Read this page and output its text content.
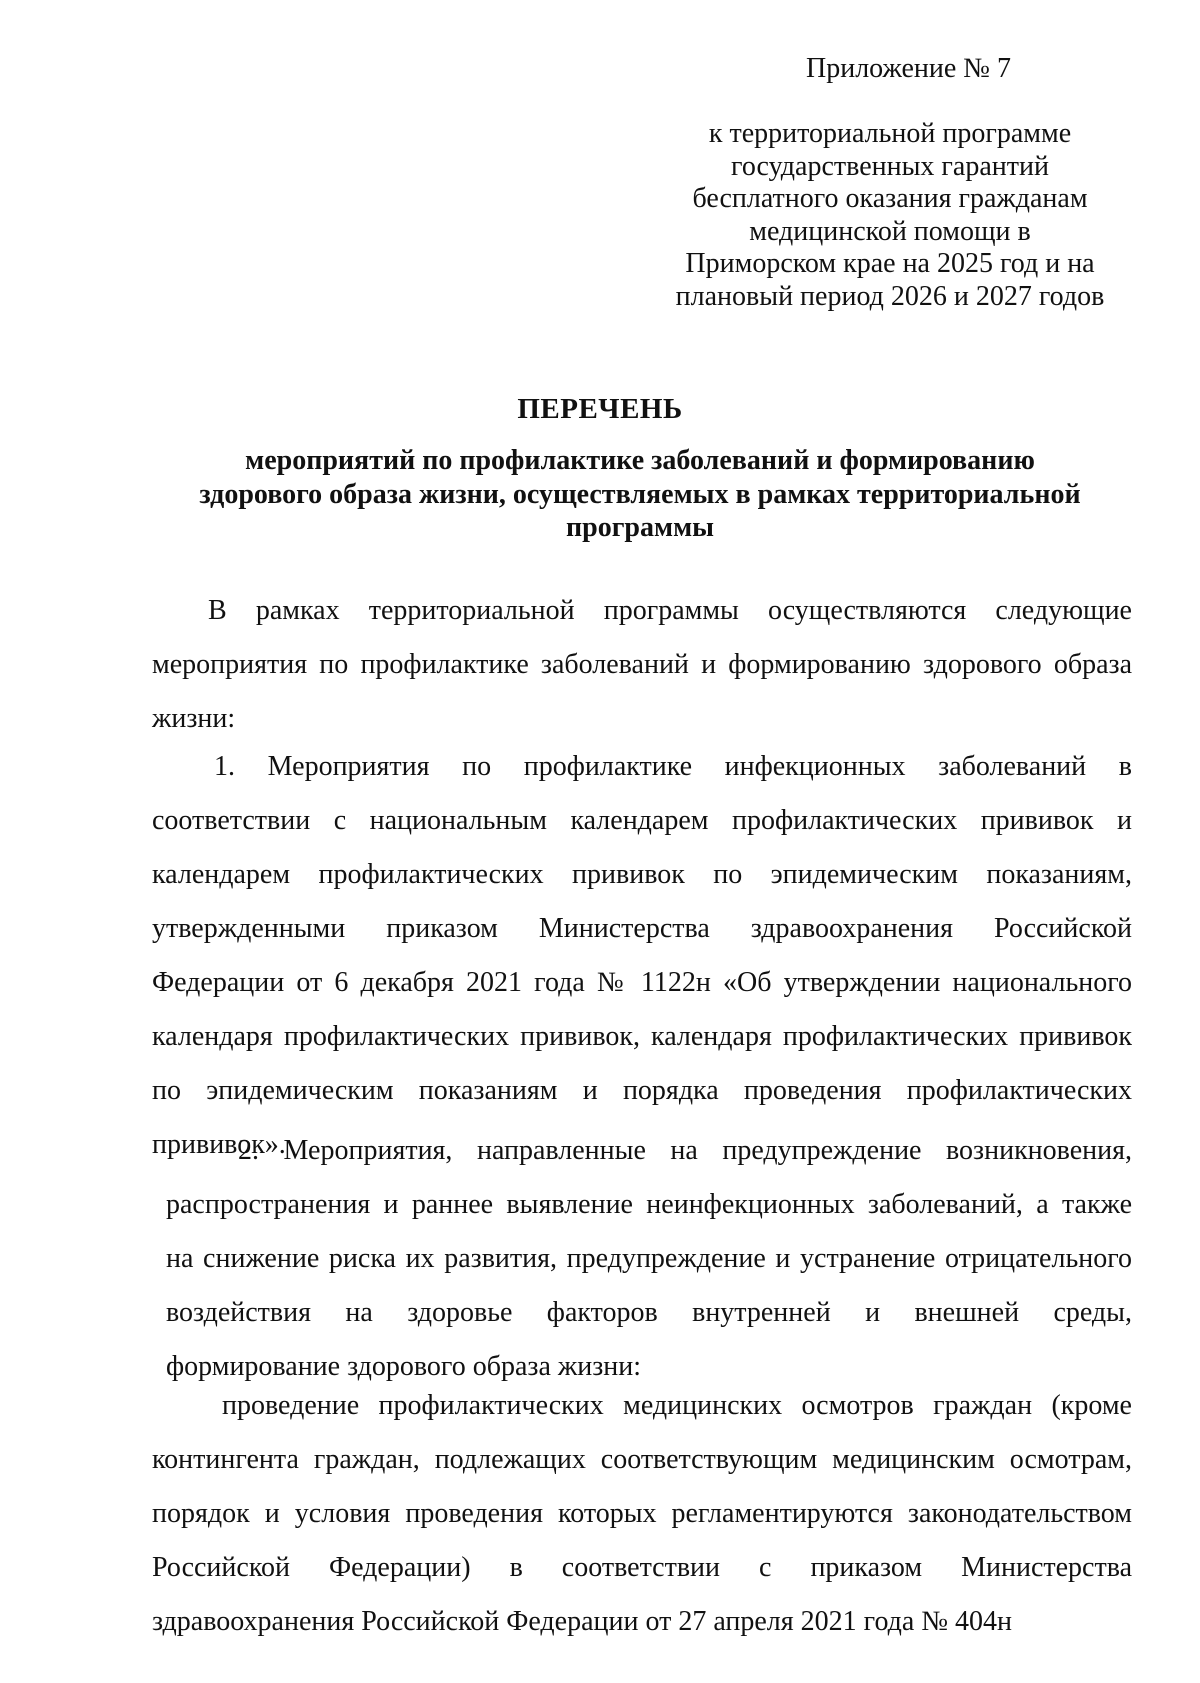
Приложение № 7
к территориальной программе
государственных гарантий
бесплатного оказания гражданам
медицинской помощи в
Приморском крае на 2025 год и на
плановый период 2026 и 2027 годов
ПЕРЕЧЕНЬ
мероприятий по профилактике заболеваний и формированию
здорового образа жизни, осуществляемых в рамках территориальной
программы
В рамках территориальной программы осуществляются следующие
мероприятия по профилактике заболеваний и формированию здорового образа
жизни:
1. Мероприятия по профилактике инфекционных заболеваний в
соответствии с национальным календарем профилактических прививок и
календарем профилактических прививок по эпидемическим показаниям,
утвержденными приказом Министерства здравоохранения Российской
Федерации от 6 декабря 2021 года № 1122н «Об утверждении национального
календаря профилактических прививок, календаря профилактических прививок
по эпидемическим показаниям и порядка проведения профилактических
прививок».
2. Мероприятия, направленные на предупреждение возникновения,
распространения и раннее выявление неинфекционных заболеваний, а также
на снижение риска их развития, предупреждение и устранение отрицательного
воздействия на здоровье факторов внутренней и внешней среды,
формирование здорового образа жизни:
проведение профилактических медицинских осмотров граждан (кроме
контингента граждан, подлежащих соответствующим медицинским осмотрам,
порядок и условия проведения которых регламентируются законодательством
Российской Федерации) в соответствии с приказом Министерства
здравоохранения Российской Федерации от 27 апреля 2021 года № 404н
